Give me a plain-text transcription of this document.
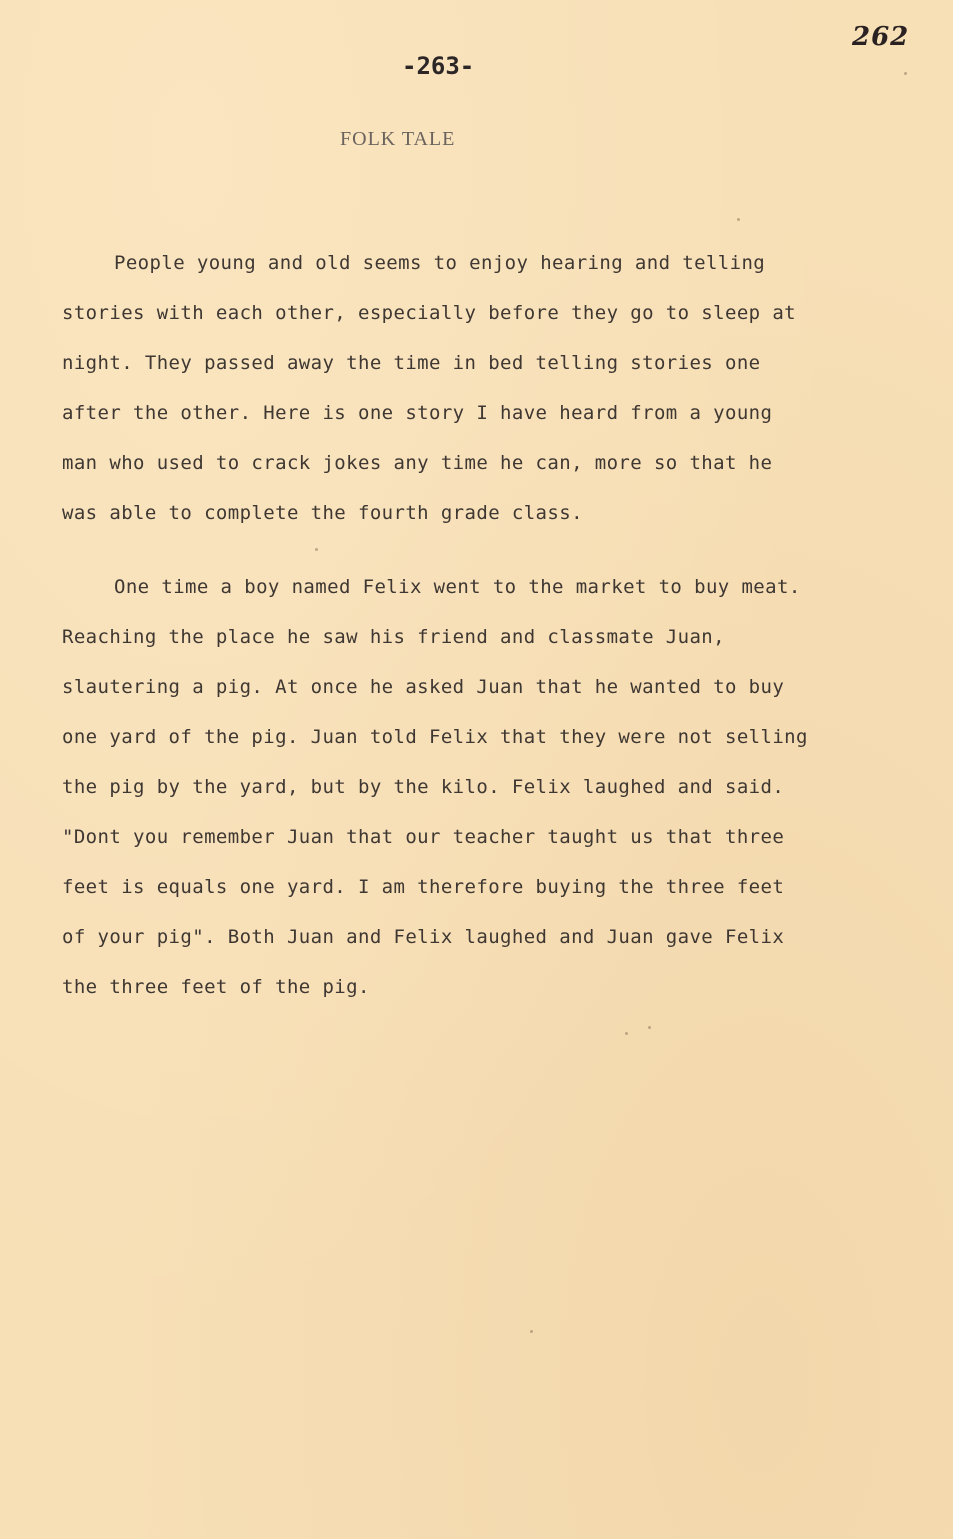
262
-263-
FOLK TALE
People young and old seems to enjoy hearing and telling
stories with each other, especially before they go to sleep at
night. They passed away the time in bed telling stories one
after the other. Here is one story I have heard from a young
man who used to crack jokes any time he can, more so that he
was able to complete the fourth grade class.
One time a boy named Felix went to the market to buy meat.
Reaching the place he saw his friend and classmate Juan,
slautering a pig. At once he asked Juan that he wanted to buy
one yard of the pig. Juan told Felix that they were not selling
the pig by the yard, but by the kilo. Felix laughed and said.
"Dont you remember Juan that our teacher taught us that three
feet is equals one yard. I am therefore buying the three feet
of your pig". Both Juan and Felix laughed and Juan gave Felix
the three feet of the pig.
